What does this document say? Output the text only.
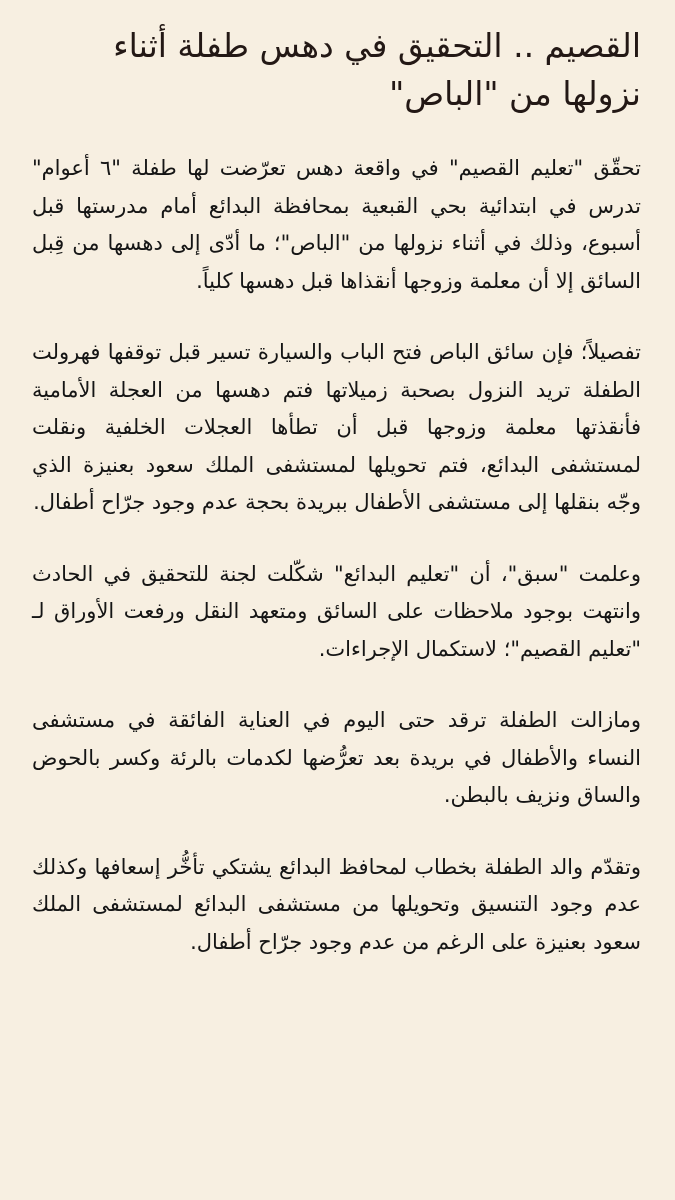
القصيم .. التحقيق في دهس طفلة أثناء نزولها من "الباص"

تحقّق "تعليم القصيم" في واقعة دهس تعرّضت لها طفلة "٦ أعوام" تدرس في ابتدائية بحي القبعية بمحافظة البدائع أمام مدرستها قبل أسبوع، وذلك في أثناء نزولها من "الباص"؛ ما أدّى إلى دهسها من قِبل السائق إلا أن معلمة وزوجها أنقذاها قبل دهسها كلياً.

تفصيلاً؛ فإن سائق الباص فتح الباب والسيارة تسير قبل توقفها فهرولت الطفلة تريد النزول بصحبة زميلاتها فتم دهسها من العجلة الأمامية فأنقذتها معلمة وزوجها قبل أن تطأها العجلات الخلفية ونقلت لمستشفى البدائع، فتم تحويلها لمستشفى الملك سعود بعنيزة الذي وجّه بنقلها إلى مستشفى الأطفال ببريدة بحجة عدم وجود جرّاح أطفال.

وعلمت "سبق"، أن "تعليم البدائع" شكّلت لجنة للتحقيق في الحادث وانتهت بوجود ملاحظات على السائق ومتعهد النقل ورفعت الأوراق لـ "تعليم القصيم"؛ لاستكمال الإجراءات.

ومازالت الطفلة ترقد حتى اليوم في العناية الفائقة في مستشفى النساء والأطفال في بريدة بعد تعرُّضها لكدمات بالرئة وكسر بالحوض والساق ونزيف بالبطن.

وتقدّم والد الطفلة بخطاب لمحافظ البدائع يشتكي تأخُّر إسعافها وكذلك عدم وجود التنسيق وتحويلها من مستشفى البدائع لمستشفى الملك سعود بعنيزة على الرغم من عدم وجود جرّاح أطفال.
